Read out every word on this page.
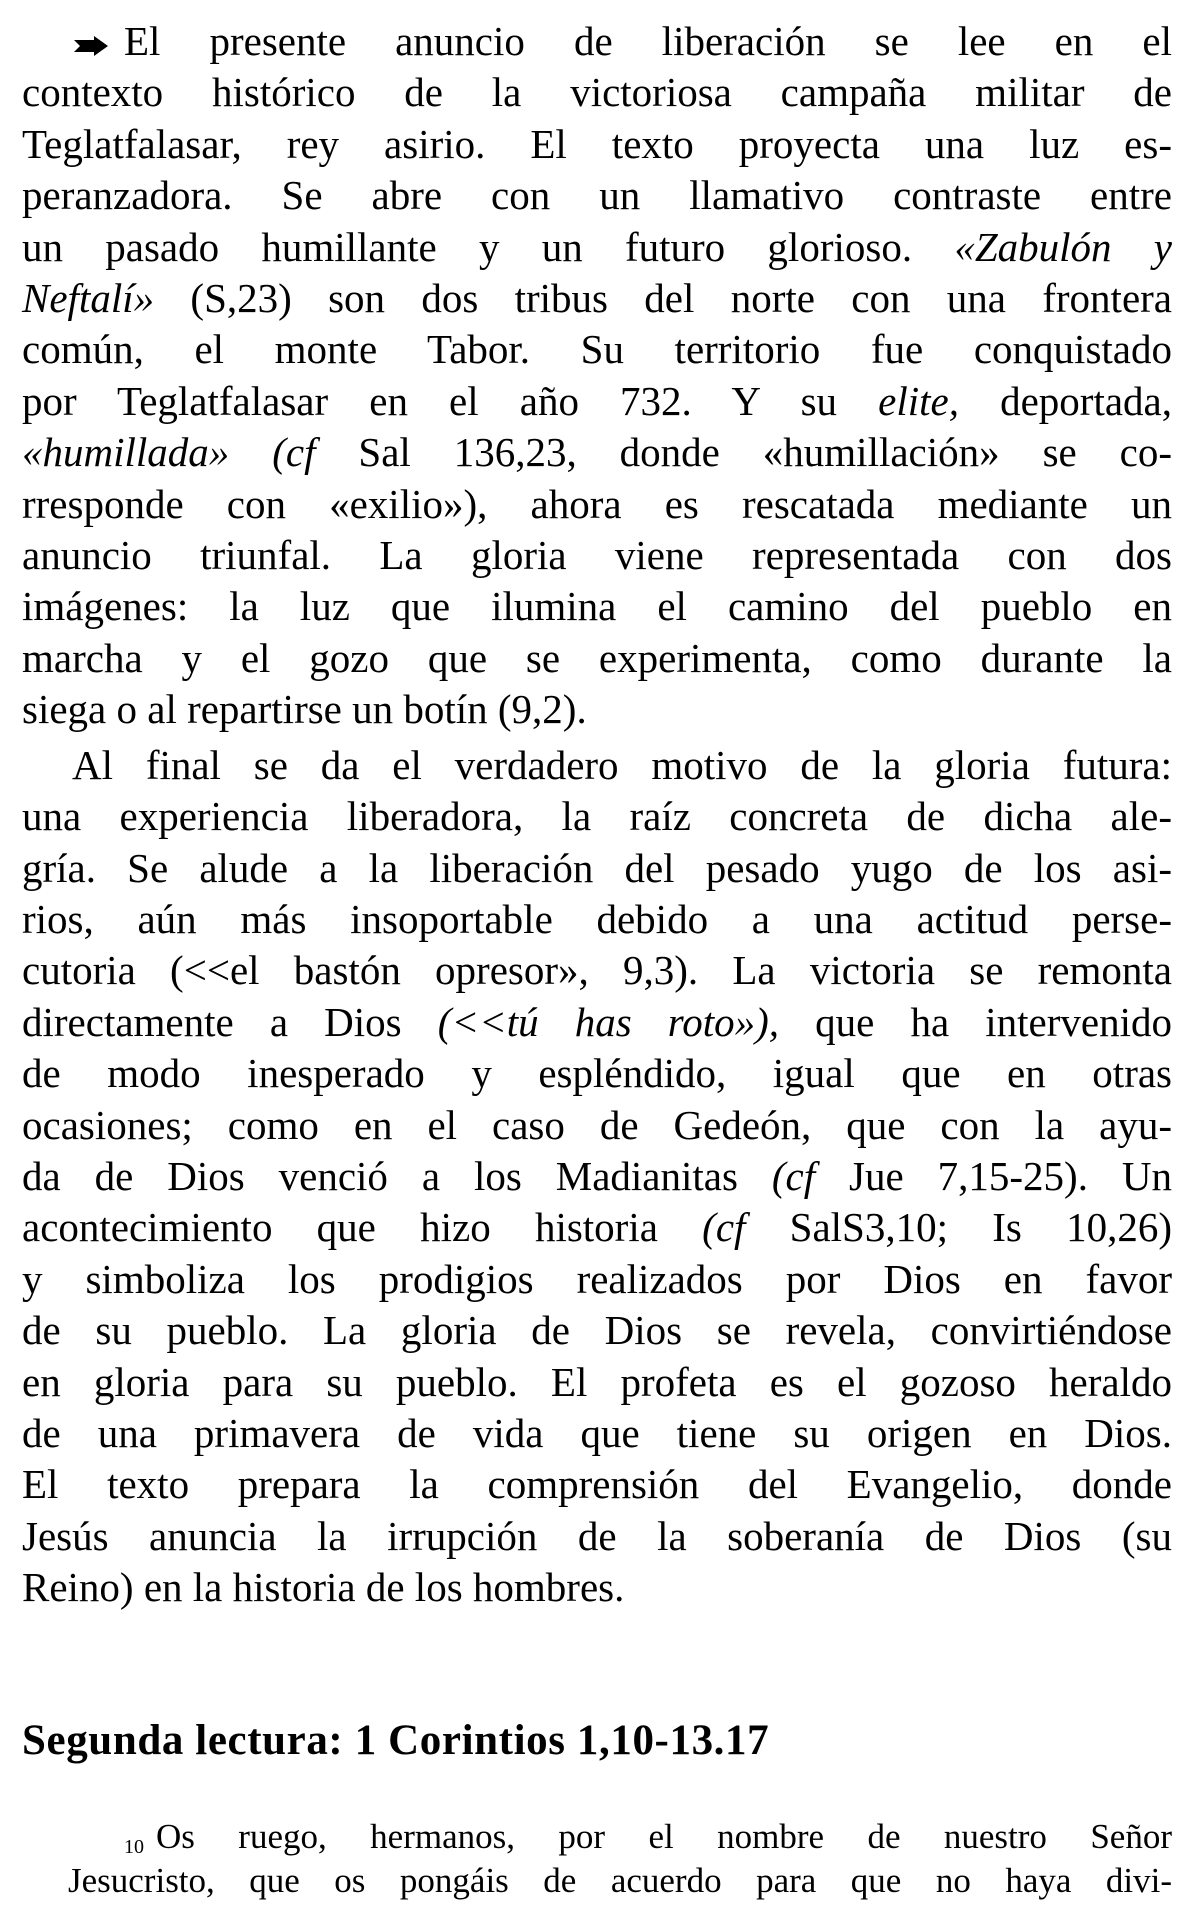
El presente anuncio de liberación se lee en el
contexto histórico de la victoriosa campaña militar de
Teglatfalasar, rey asirio. El texto proyecta una luz es-
peranzadora. Se abre con un llamativo contraste entre
un pasado humillante y un futuro glorioso. «Zabulón y
Neftalí» (S,23) son dos tribus del norte con una frontera
común, el monte Tabor. Su territorio fue conquistado
por Teglatfalasar en el año 732. Y su elite, deportada,
«humillada» (cf Sal 136,23, donde «humillación» se co-
rresponde con «exilio»), ahora es rescatada mediante un
anuncio triunfal. La gloria viene representada con dos
imágenes: la luz que ilumina el camino del pueblo en
marcha y el gozo que se experimenta, como durante la
siega o al repartirse un botín (9,2).
Al final se da el verdadero motivo de la gloria futura:
una experiencia liberadora, la raíz concreta de dicha ale-
gría. Se alude a la liberación del pesado yugo de los asi-
rios, aún más insoportable debido a una actitud perse-
cutoria (<<el bastón opresor», 9,3). La victoria se remonta
directamente a Dios (<<tú has roto»), que ha intervenido
de modo inesperado y espléndido, igual que en otras
ocasiones; como en el caso de Gedeón, que con la ayu-
da de Dios venció a los Madianitas (cf Jue 7,15-25). Un
acontecimiento que hizo historia (cf SalS3,10; Is 10,26)
y simboliza los prodigios realizados por Dios en favor
de su pueblo. La gloria de Dios se revela, convirtiéndose
en gloria para su pueblo. El profeta es el gozoso heraldo
de una primavera de vida que tiene su origen en Dios.
El texto prepara la comprensión del Evangelio, donde
Jesús anuncia la irrupción de la soberanía de Dios (su
Reino) en la historia de los hombres.
Segunda lectura: 1 Corintios 1,10-13.17
10 Os ruego, hermanos, por el nombre de nuestro Señor
Jesucristo, que os pongáis de acuerdo para que no haya divi-
